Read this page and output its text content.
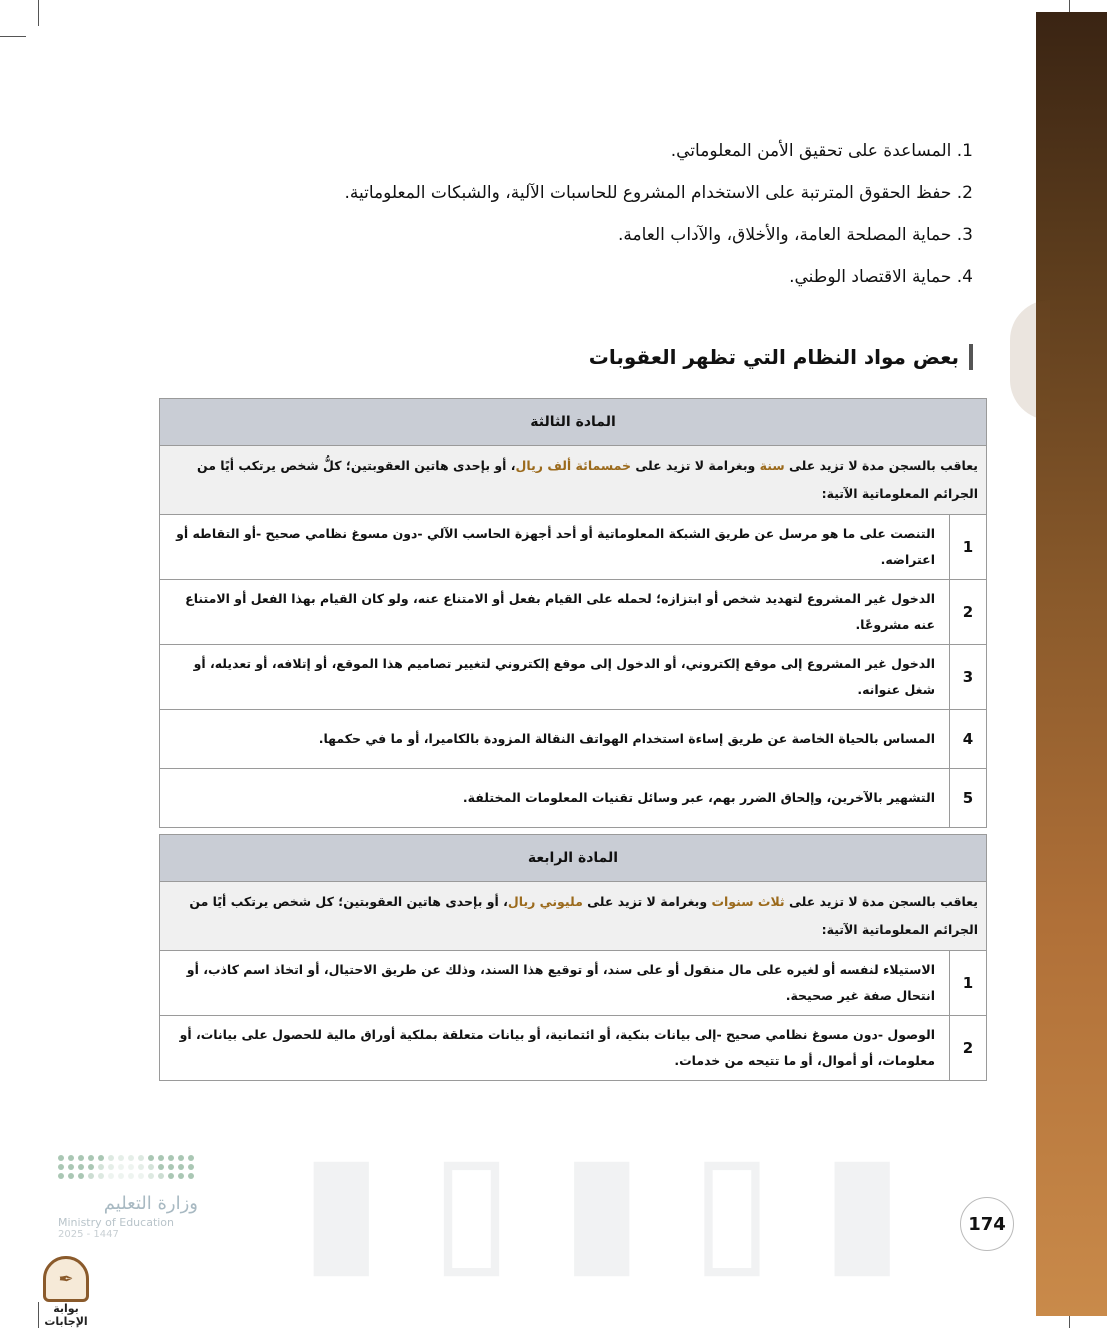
1. المساعدة على تحقيق الأمن المعلوماتي.
2. حفظ الحقوق المترتبة على الاستخدام المشروع للحاسبات الآلية، والشبكات المعلوماتية.
3. حماية المصلحة العامة، والأخلاق، والآداب العامة.
4. حماية الاقتصاد الوطني.
بعض مواد النظام التي تظهر العقوبات
المادة الثالثة	
يعاقب بالسجن مدة لا تزيد على سنة وبغرامة لا تزيد على خمسمائة ألف ريال، أو بإحدى هاتين العقوبتين؛ كلُّ شخص يرتكب أيًا من الجرائم المعلوماتية الآتية:	
1	التنصت على ما هو مرسل عن طريق الشبكة المعلوماتية أو أحد أجهزة الحاسب الآلي -دون مسوغ نظامي صحيح -أو التقاطه أو اعتراضه.
2	الدخول غير المشروع لتهديد شخص أو ابتزازه؛ لحمله على القيام بفعل أو الامتناع عنه، ولو كان القيام بهذا الفعل أو الامتناع عنه مشروعًا.
3	الدخول غير المشروع إلى موقع إلكتروني، أو الدخول إلى موقع إلكتروني لتغيير تصاميم هذا الموقع، أو إتلافه، أو تعديله، أو شغل عنوانه.
4	المساس بالحياة الخاصة عن طريق إساءة استخدام الهواتف النقالة المزودة بالكاميرا، أو ما في حكمها.
5	التشهير بالآخرين، وإلحاق الضرر بهم، عبر وسائل تقنيات المعلومات المختلفة.
المادة الرابعة	
يعاقب بالسجن مدة لا تزيد على ثلاث سنوات وبغرامة لا تزيد على مليوني ريال، أو بإحدى هاتين العقوبتين؛ كل شخص يرتكب أيًا من الجرائم المعلوماتية الآتية:	
1	الاستيلاء لنفسه أو لغيره على مال منقول أو على سند، أو توقيع هذا السند، وذلك عن طريق الاحتيال، أو اتخاذ اسم كاذب، أو انتحال صفة غير صحيحة.
2	الوصول -دون مسوغ نظامي صحيح -إلى بيانات بنكية، أو ائتمانية، أو بيانات متعلقة بملكية أوراق مالية للحصول على بيانات، أو معلومات، أو أموال، أو ما تتيحه من خدمات.
▮ ▯ ▮ ▯ ▮	174
وزارة التعليم
Ministry of Education
2025 - 1447
✒
بوابة الإجابات
